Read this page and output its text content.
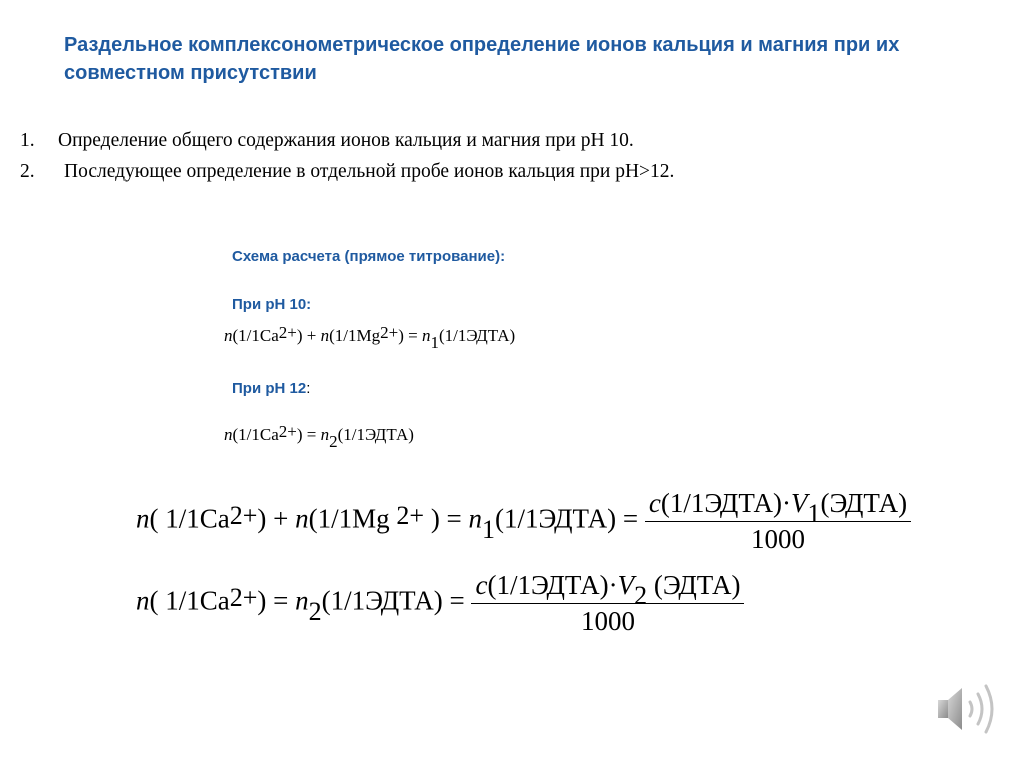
Раздельное комплексонометрическое определение ионов кальция и магния при их совместном присутствии
1. Определение общего содержания ионов кальция и магния при рН 10.
2. Последующее определение в отдельной пробе ионов кальция при рН>12.
Схема расчета (прямое титрование):
При рН 10:
При рН 12:
$n(1/1Ca^{2+}) + n(1/1Mg^{2+})$ = $n_1(1/1ЭДТА)$
$n(1/1Ca^{2+})$ = $n_2(1/1ЭДТА)$
n( $1/1Ca^{2+}) + n(1/1Mg$ $^{2+}$ ) = $n_1(1/1ЭДТА) = \frac{c(1/1ЭДТА)\cdot V_1(ЭДТА)}{1000}$
n( $1/1Ca^{2+}$) = $n_2(1/1ЭДТА) = \frac{c(1/1ЭДТА)\cdot V_2 (ЭДТА)}{1000}$
